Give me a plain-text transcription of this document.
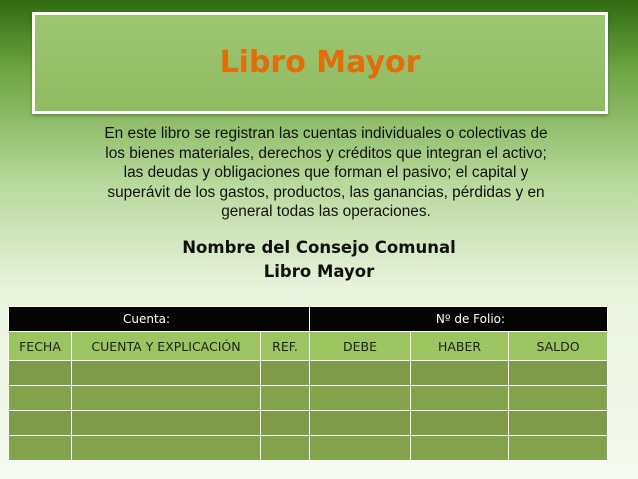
Libro Mayor
En este libro se registran las cuentas individuales o colectivas de
los bienes materiales, derechos y créditos que integran el activo;
las deudas y obligaciones que forman el pasivo; el capital y
superávit de los gastos, productos, las ganancias, pérdidas y en
general todas las operaciones.
Nombre del Consejo Comunal
Libro Mayor
Cuenta:			Nº de Folio:		
FECHA	CUENTA Y EXPLICACIÓN	REF.	DEBE	HABER	SALDO
